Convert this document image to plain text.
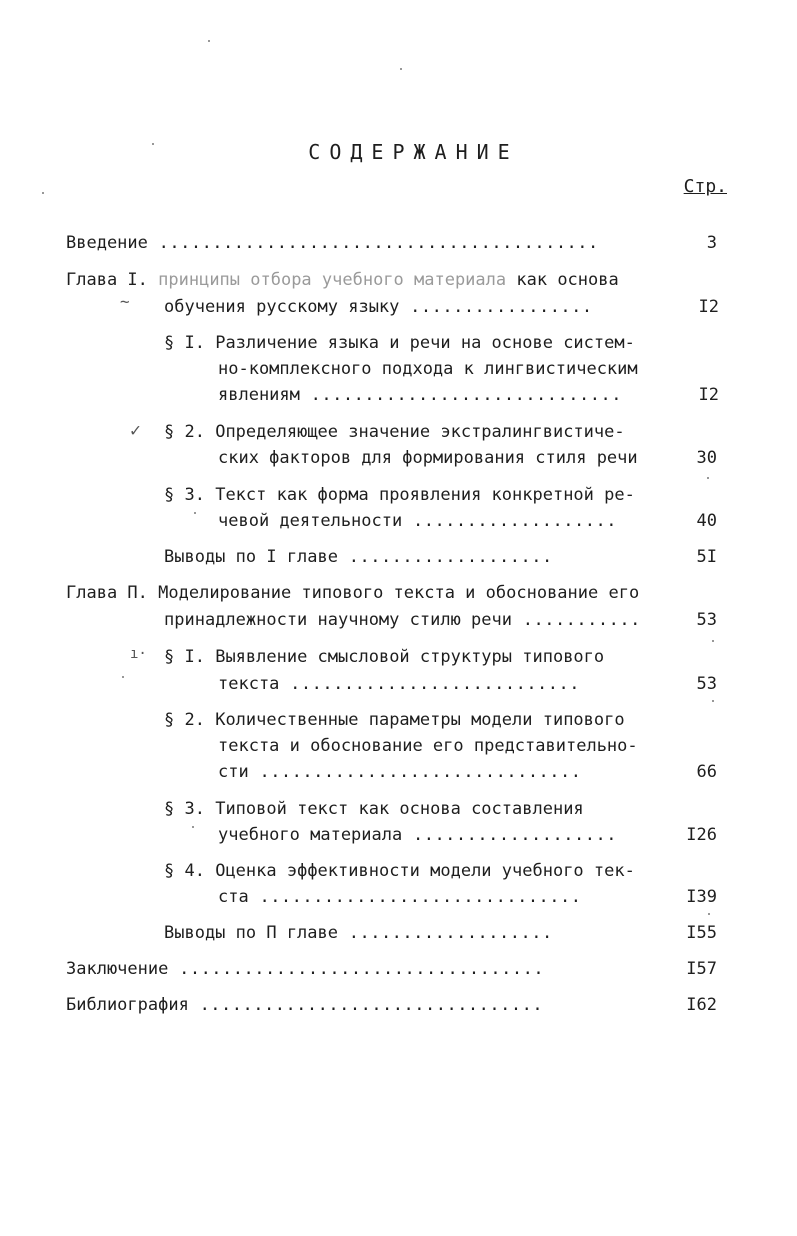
СОДЕРЖАНИЕ
Стр.
Введение .........................................	3
Глава I. принципы отбора учебного материала как основа
обучения русскому языку .................	I2
~
§ I. Различение языка и речи на основе систем-
но-комплексного подхода к лингвистическим
явлениям .............................	I2
✓ § 2. Определяющее значение экстралингвистиче-
ских факторов для формирования стиля речи	30
§ 3. Текст как форма проявления конкретной ре-
чевой деятельности ...................	40
Выводы по I главе ...................	5I
Глава П. Моделирование типового текста и обоснование его
принадлежности научному стилю речи ...........	53
ı· § I. Выявление смысловой структуры типового
текста ...........................	53
§ 2. Количественные параметры модели типового
текста и обоснование его представительно-
сти ..............................	66
§ 3. Типовой текст как основа составления
учебного материала ...................	I26
§ 4. Оценка эффективности модели учебного тек-
ста ..............................	I39
Выводы по П главе ...................	I55
Заключение ..................................	I57
Библиография ................................	I62
